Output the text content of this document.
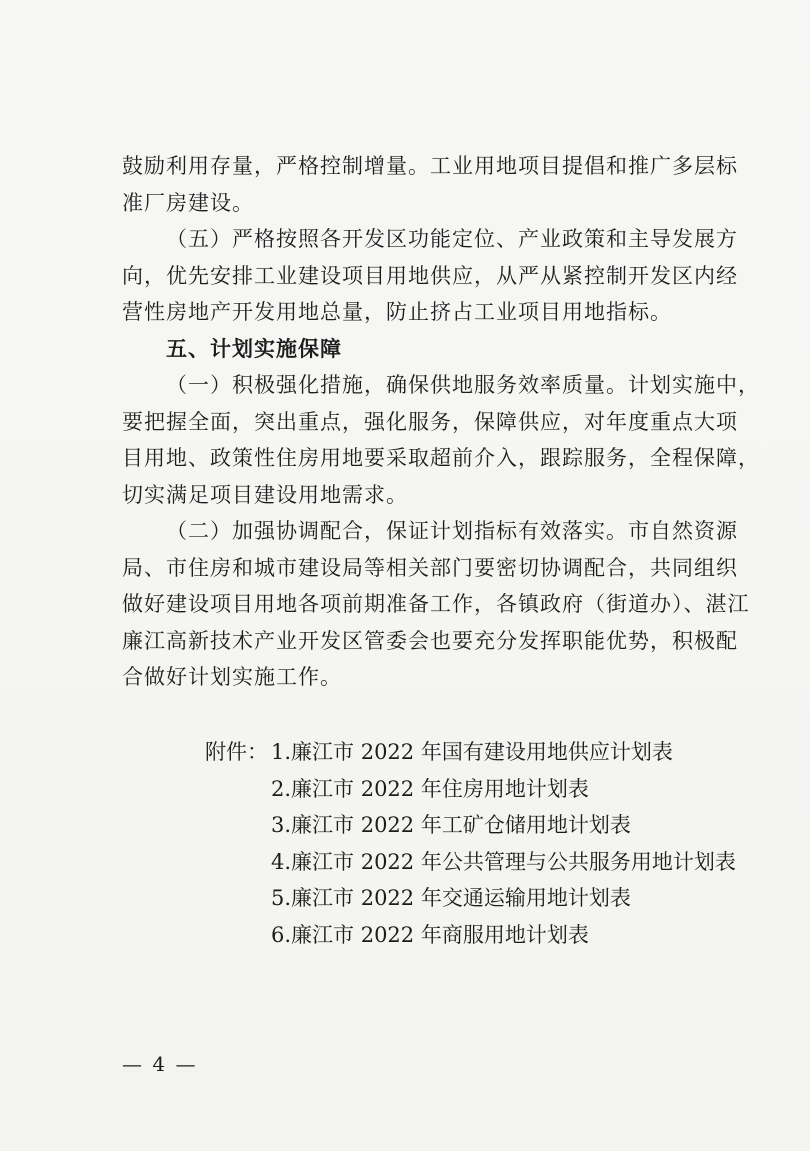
鼓励利用存量，严格控制增量。工业用地项目提倡和推广多层标
准厂房建设。
（五）严格按照各开发区功能定位、产业政策和主导发展方
向，优先安排工业建设项目用地供应，从严从紧控制开发区内经
营性房地产开发用地总量，防止挤占工业项目用地指标。
五、计划实施保障
（一）积极强化措施，确保供地服务效率质量。计划实施中，
要把握全面，突出重点，强化服务，保障供应，对年度重点大项
目用地、政策性住房用地要采取超前介入，跟踪服务，全程保障，
切实满足项目建设用地需求。
（二）加强协调配合，保证计划指标有效落实。市自然资源
局、市住房和城市建设局等相关部门要密切协调配合，共同组织
做好建设项目用地各项前期准备工作，各镇政府（街道办）、湛江
廉江高新技术产业开发区管委会也要充分发挥职能优势，积极配
合做好计划实施工作。
附件： 1.廉江市 2022 年国有建设用地供应计划表
2.廉江市 2022 年住房用地计划表
3.廉江市 2022 年工矿仓储用地计划表
4.廉江市 2022 年公共管理与公共服务用地计划表
5.廉江市 2022 年交通运输用地计划表
6.廉江市 2022 年商服用地计划表
— 4 —
